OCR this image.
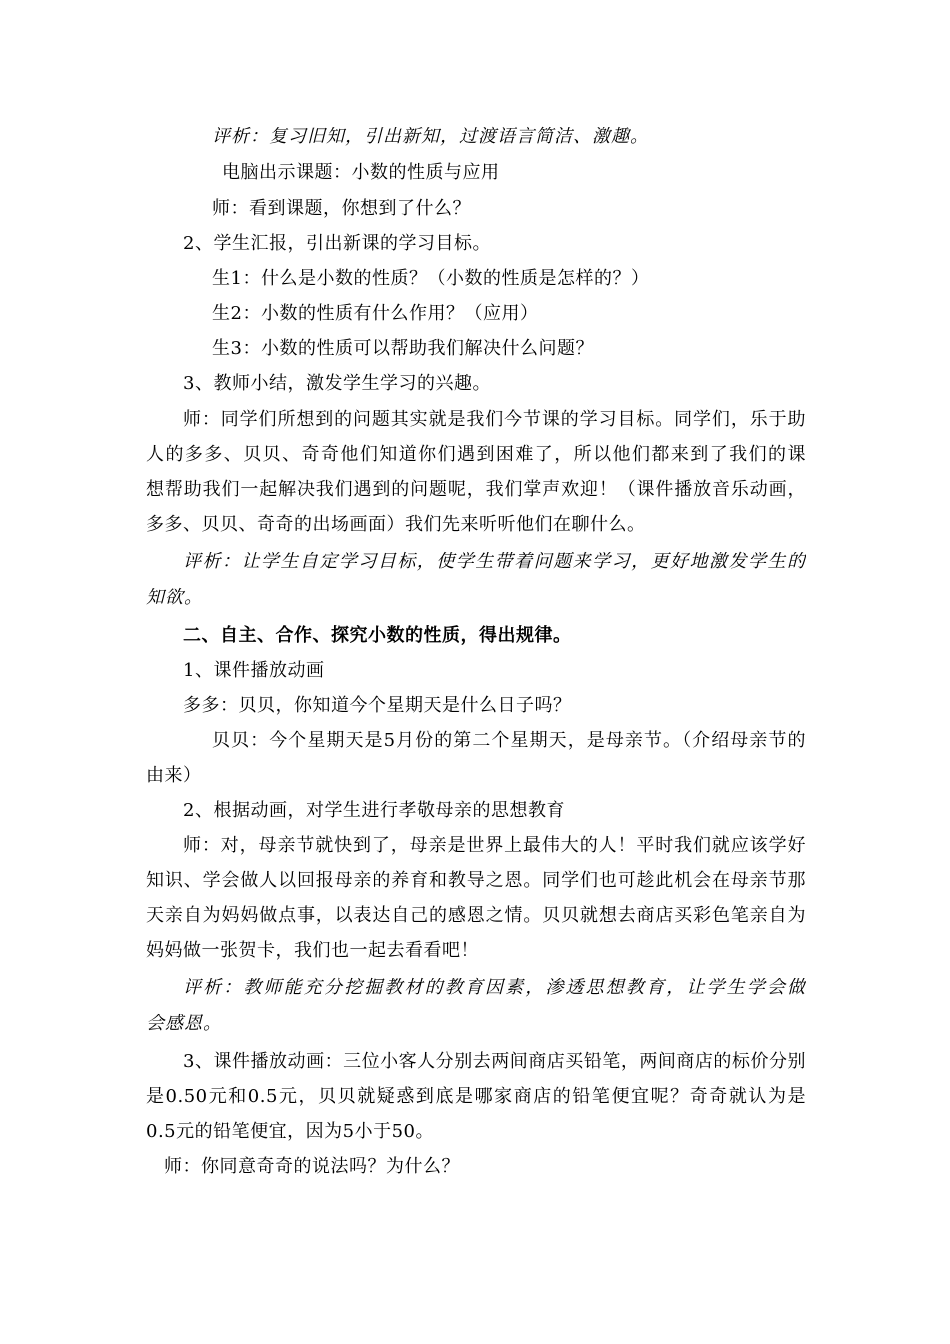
评析：复习旧知，引出新知，过渡语言简洁、激趣。
电脑出示课题：小数的性质与应用
师：看到课题，你想到了什么？
2、学生汇报，引出新课的学习目标。
生1：什么是小数的性质？（小数的性质是怎样的？）
生2：小数的性质有什么作用？（应用）
生3：小数的性质可以帮助我们解决什么问题？
3、教师小结，激发学生学习的兴趣。
师：同学们所想到的问题其实就是我们今节课的学习目标。同学们，乐于助
人的多多、贝贝、奇奇他们知道你们遇到困难了，所以他们都来到了我们的课
想帮助我们一起解决我们遇到的问题呢，我们掌声欢迎！（课件播放音乐动画，
多多、贝贝、奇奇的出场画面）我们先来听听他们在聊什么。
评析：让学生自定学习目标，使学生带着问题来学习，更好地激发学生的
知欲。
二、自主、合作、探究小数的性质，得出规律。
1、课件播放动画
多多：贝贝，你知道今个星期天是什么日子吗？
贝贝：今个星期天是5月份的第二个星期天，是母亲节。（介绍母亲节的
由来）
2、根据动画，对学生进行孝敬母亲的思想教育
师：对，母亲节就快到了，母亲是世界上最伟大的人！平时我们就应该学好
知识、学会做人以回报母亲的养育和教导之恩。同学们也可趁此机会在母亲节那
天亲自为妈妈做点事，以表达自己的感恩之情。贝贝就想去商店买彩色笔亲自为
妈妈做一张贺卡，我们也一起去看看吧！
评析：教师能充分挖掘教材的教育因素，渗透思想教育，让学生学会做
会感恩。
3、课件播放动画：三位小客人分别去两间商店买铅笔，两间商店的标价分别
是0.50元和0.5元，贝贝就疑惑到底是哪家商店的铅笔便宜呢？奇奇就认为是
0.5元的铅笔便宜，因为5小于50。
师：你同意奇奇的说法吗？为什么？
